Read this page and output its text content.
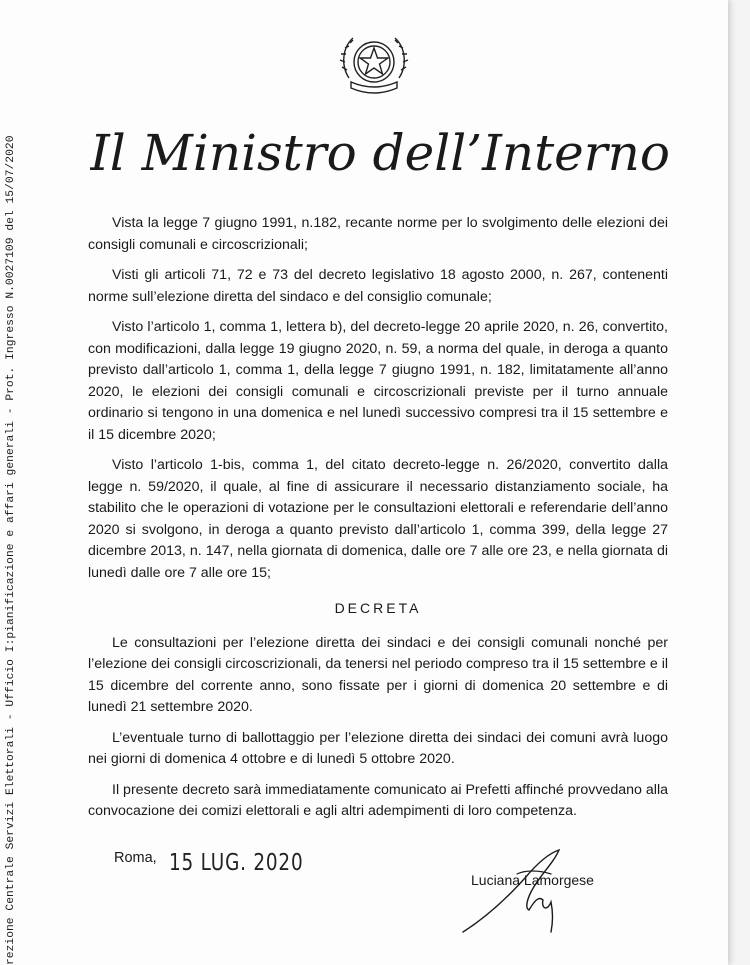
rezione Centrale Servizi Elettorali - Ufficio I:pianificazione e affari generali - Prot. Ingresso N.0027109 del 15/07/2020 Il Ministro dell’Interno

Vista la legge 7 giugno 1991, n.182, recante norme per lo svolgimento delle elezioni dei consigli comunali e circoscrizionali;

Visti gli articoli 71, 72 e 73 del decreto legislativo 18 agosto 2000, n. 267, contenenti norme sull’elezione diretta del sindaco e del consiglio comunale;

Visto l’articolo 1, comma 1, lettera b), del decreto-legge 20 aprile 2020, n. 26, convertito, con modificazioni, dalla legge 19 giugno 2020, n. 59, a norma del quale, in deroga a quanto previsto dall’articolo 1, comma 1, della legge 7 giugno 1991, n. 182, limitatamente all’anno 2020, le elezioni dei consigli comunali e circoscrizionali previste per il turno annuale ordinario si tengono in una domenica e nel lunedì successivo compresi tra il 15 settembre e il 15 dicembre 2020;

Visto l’articolo 1-bis, comma 1, del citato decreto-legge n. 26/2020, convertito dalla legge n. 59/2020, il quale, al fine di assicurare il necessario distanziamento sociale, ha stabilito che le operazioni di votazione per le consultazioni elettorali e referendarie dell’anno 2020 si svolgono, in deroga a quanto previsto dall’articolo 1, comma 399, della legge 27 dicembre 2013, n. 147, nella giornata di domenica, dalle ore 7 alle ore 23, e nella giornata di lunedì dalle ore 7 alle ore 15;

DECRETA

Le consultazioni per l’elezione diretta dei sindaci e dei consigli comunali nonché per l’elezione dei consigli circoscrizionali, da tenersi nel periodo compreso tra il 15 settembre e il 15 dicembre del corrente anno, sono fissate per i giorni di domenica 20 settembre e di lunedì 21 settembre 2020.

L’eventuale turno di ballottaggio per l’elezione diretta dei sindaci dei comuni avrà luogo nei giorni di domenica 4 ottobre e di lunedì 5 ottobre 2020.

Il presente decreto sarà immediatamente comunicato ai Prefetti affinché provvedano alla convocazione dei comizi elettorali e agli altri adempimenti di loro competenza.

Roma, 15 LUG. 2020
Luciana Lamorgese
